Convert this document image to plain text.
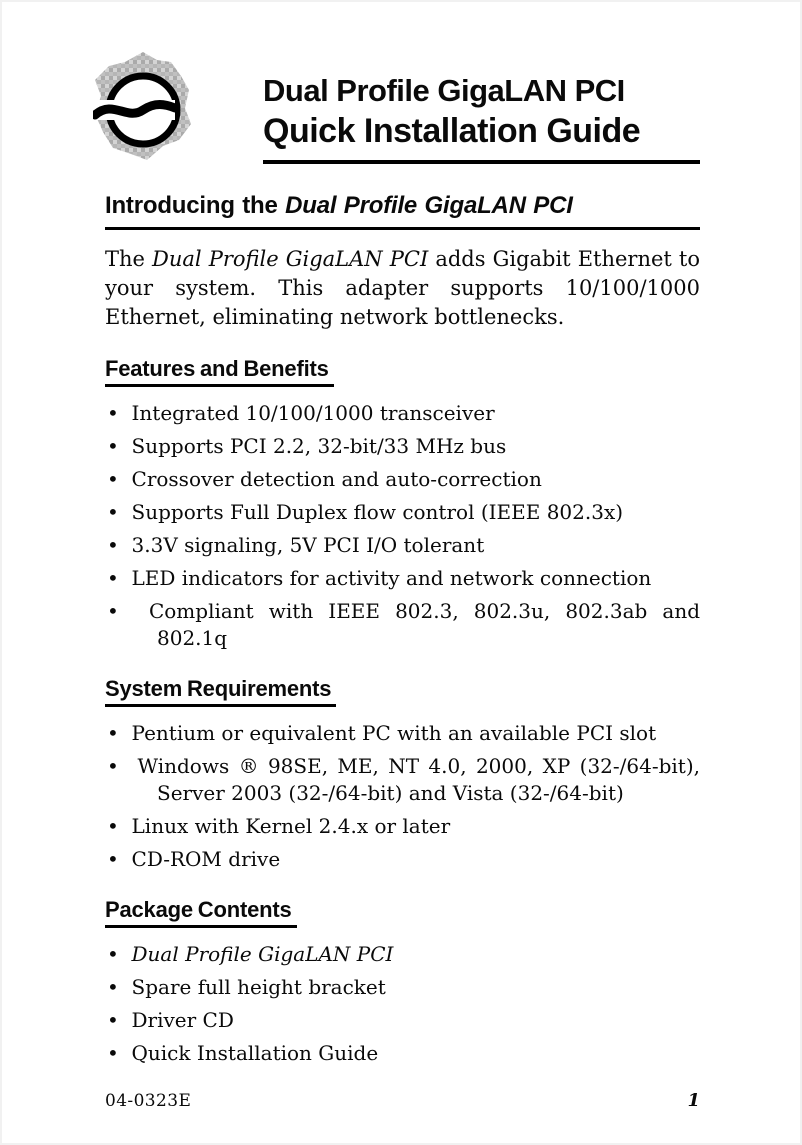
Dual Profile GigaLAN PCI
Quick Installation Guide
Introducing the Dual Profile GigaLAN PCI

The Dual Profile GigaLAN PCI adds Gigabit Ethernet to your system. This adapter supports 10/100/1000 Ethernet, eliminating network bottlenecks.

Features and Benefits
•  Integrated 10/100/1000 transceiver
•  Supports PCI 2.2, 32-bit/33 MHz bus
•  Crossover detection and auto-correction
•  Supports Full Duplex flow control (IEEE 802.3x)
•  3.3V signaling, 5V PCI I/O tolerant
•  LED indicators for activity and network connection
•  Compliant with IEEE 802.3, 802.3u, 802.3ab and 802.1q
System Requirements
•  Pentium or equivalent PC with an available PCI slot
•  Windows ® 98SE, ME, NT 4.0, 2000, XP (32-/64-bit), Server 2003 (32-/64-bit) and Vista (32-/64-bit)
•  Linux with Kernel 2.4.x or later
•  CD-ROM drive
Package Contents
•  Dual Profile GigaLAN PCI
•  Spare full height bracket
•  Driver CD
•  Quick Installation Guide
04-0323E	1
